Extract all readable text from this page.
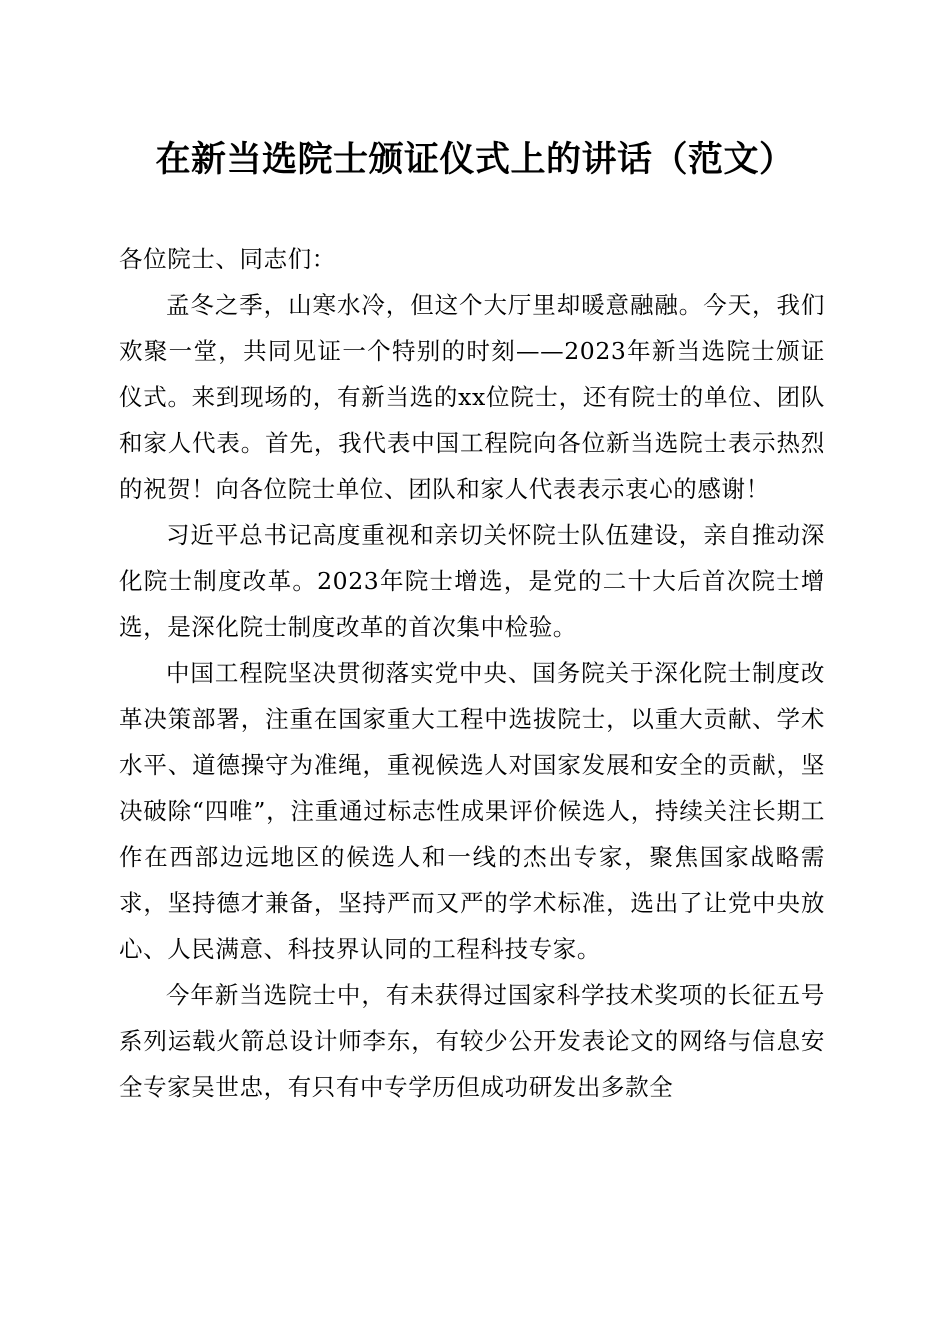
在新当选院士颁证仪式上的讲话（范文）

各位院士、同志们：

孟冬之季，山寒水冷，但这个大厅里却暖意融融。今天，我们欢聚一堂，共同见证一个特别的时刻——2023年新当选院士颁证仪式。来到现场的，有新当选的xx位院士，还有院士的单位、团队和家人代表。首先，我代表中国工程院向各位新当选院士表示热烈的祝贺！向各位院士单位、团队和家人代表表示衷心的感谢！

习近平总书记高度重视和亲切关怀院士队伍建设，亲自推动深化院士制度改革。2023年院士增选，是党的二十大后首次院士增选，是深化院士制度改革的首次集中检验。

中国工程院坚决贯彻落实党中央、国务院关于深化院士制度改革决策部署，注重在国家重大工程中选拔院士，以重大贡献、学术水平、道德操守为准绳，重视候选人对国家发展和安全的贡献，坚决破除“四唯”，注重通过标志性成果评价候选人，持续关注长期工作在西部边远地区的候选人和一线的杰出专家，聚焦国家战略需求，坚持德才兼备，坚持严而又严的学术标准，选出了让党中央放心、人民满意、科技界认同的工程科技专家。

今年新当选院士中，有未获得过国家科学技术奖项的长征五号系列运载火箭总设计师李东，有较少公开发表论文的网络与信息安全专家吴世忠，有只有中专学历但成功研发出多款全
